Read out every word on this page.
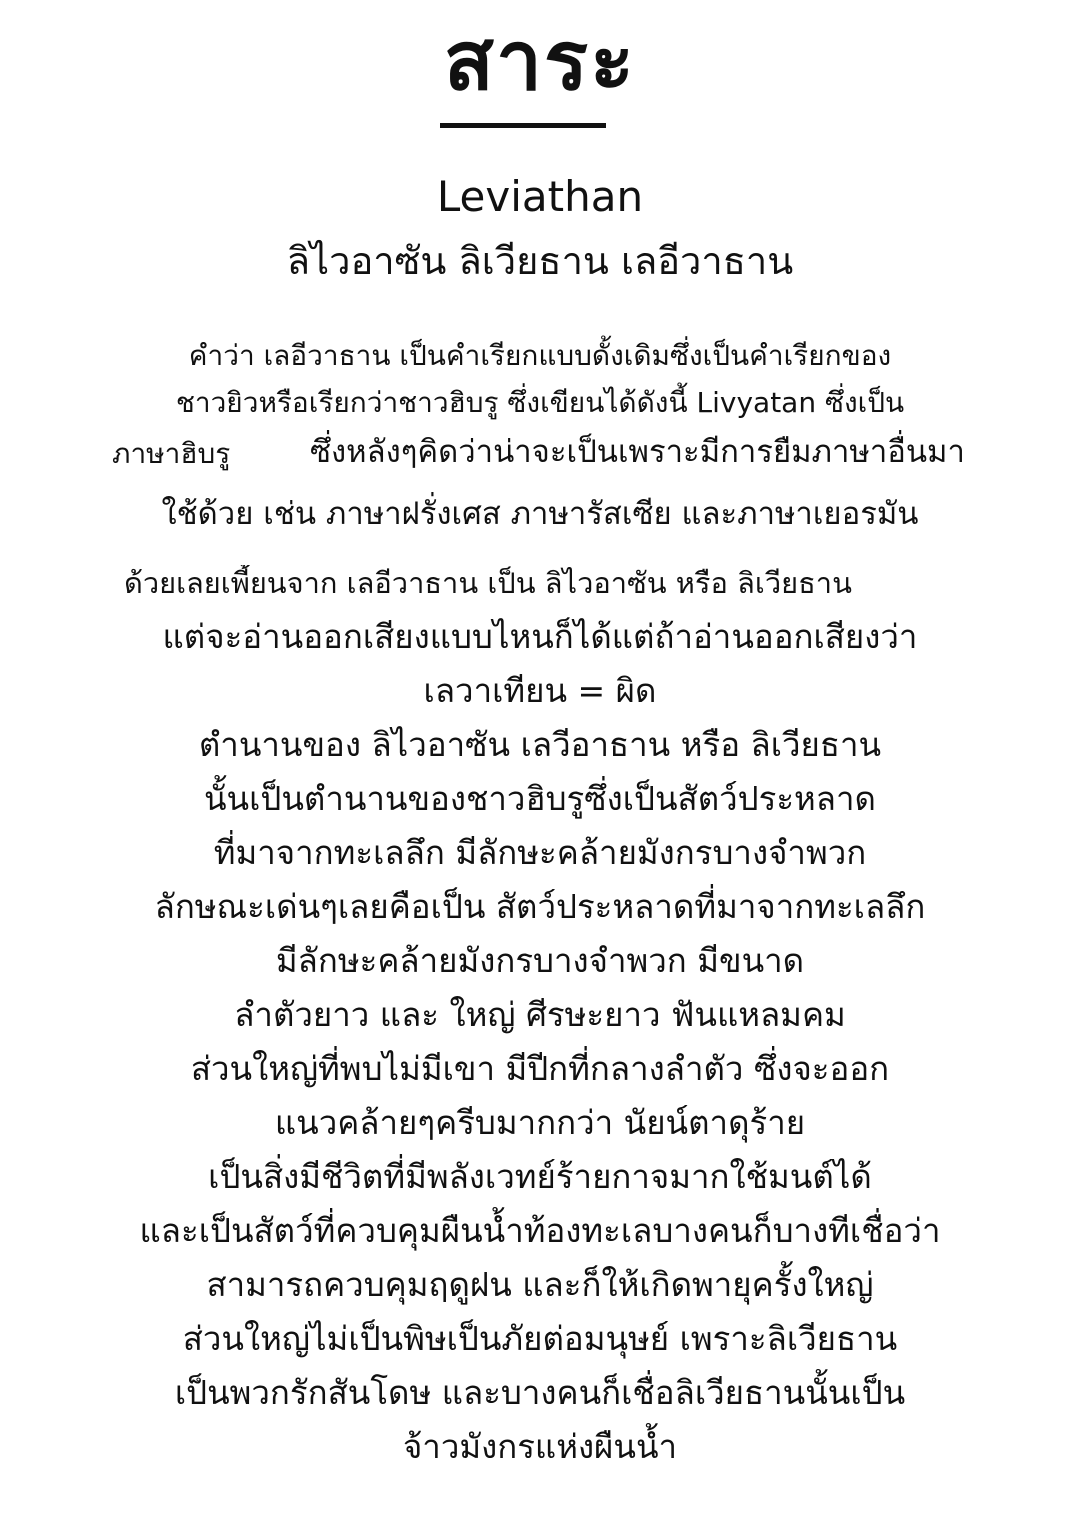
สาระ
Leviathan
ลิไวอาซัน ลิเวียธาน เลอีวาธาน
คำว่า เลอีวาธาน เป็นคำเรียกแบบดั้งเดิมซึ่งเป็นคำเรียกของ
ชาวยิวหรือเรียกว่าชาวฮิบรู ซึ่งเขียนได้ดังนี้ Livyatan ซึ่งเป็น
ภาษาฮิบรู	ซึ่งหลังๆคิดว่าน่าจะเป็นเพราะมีการยืมภาษาอื่นมา
ใช้ด้วย เช่น ภาษาฝรั่งเศส ภาษารัสเซีย และภาษาเยอรมัน
ด้วยเลยเพี้ยนจาก เลอีวาธาน เป็น ลิไวอาซัน หรือ ลิเวียธาน
แต่จะอ่านออกเสียงแบบไหนก็ได้แต่ถ้าอ่านออกเสียงว่า
เลวาเทียน = ผิด
ตำนานของ ลิไวอาซัน เลวีอาธาน หรือ ลิเวียธาน
นั้นเป็นตำนานของชาวฮิบรูซึ่งเป็นสัตว์ประหลาด
ที่มาจากทะเลลึก มีลักษะคล้ายมังกรบางจำพวก
ลักษณะเด่นๆเลยคือเป็น สัตว์ประหลาดที่มาจากทะเลลึก
มีลักษะคล้ายมังกรบางจำพวก มีขนาด
ลำตัวยาว และ ใหญ่ ศีรษะยาว ฟันแหลมคม
ส่วนใหญ่ที่พบไม่มีเขา มีปีกที่กลางลำตัว ซึ่งจะออก
แนวคล้ายๆครีบมากกว่า นัยน์ตาดุร้าย
เป็นสิ่งมีชีวิตที่มีพลังเวทย์ร้ายกาจมากใช้มนต์ได้
และเป็นสัตว์ที่ควบคุมผืนน้ำท้องทะเลบางคนก็บางทีเชื่อว่า
สามารถควบคุมฤดูฝน และก็ให้เกิดพายุครั้งใหญ่
ส่วนใหญ่ไม่เป็นพิษเป็นภัยต่อมนุษย์ เพราะลิเวียธาน
เป็นพวกรักสันโดษ และบางคนก็เชื่อลิเวียธานนั้นเป็น
จ้าวมังกรแห่งผืนน้ำ
